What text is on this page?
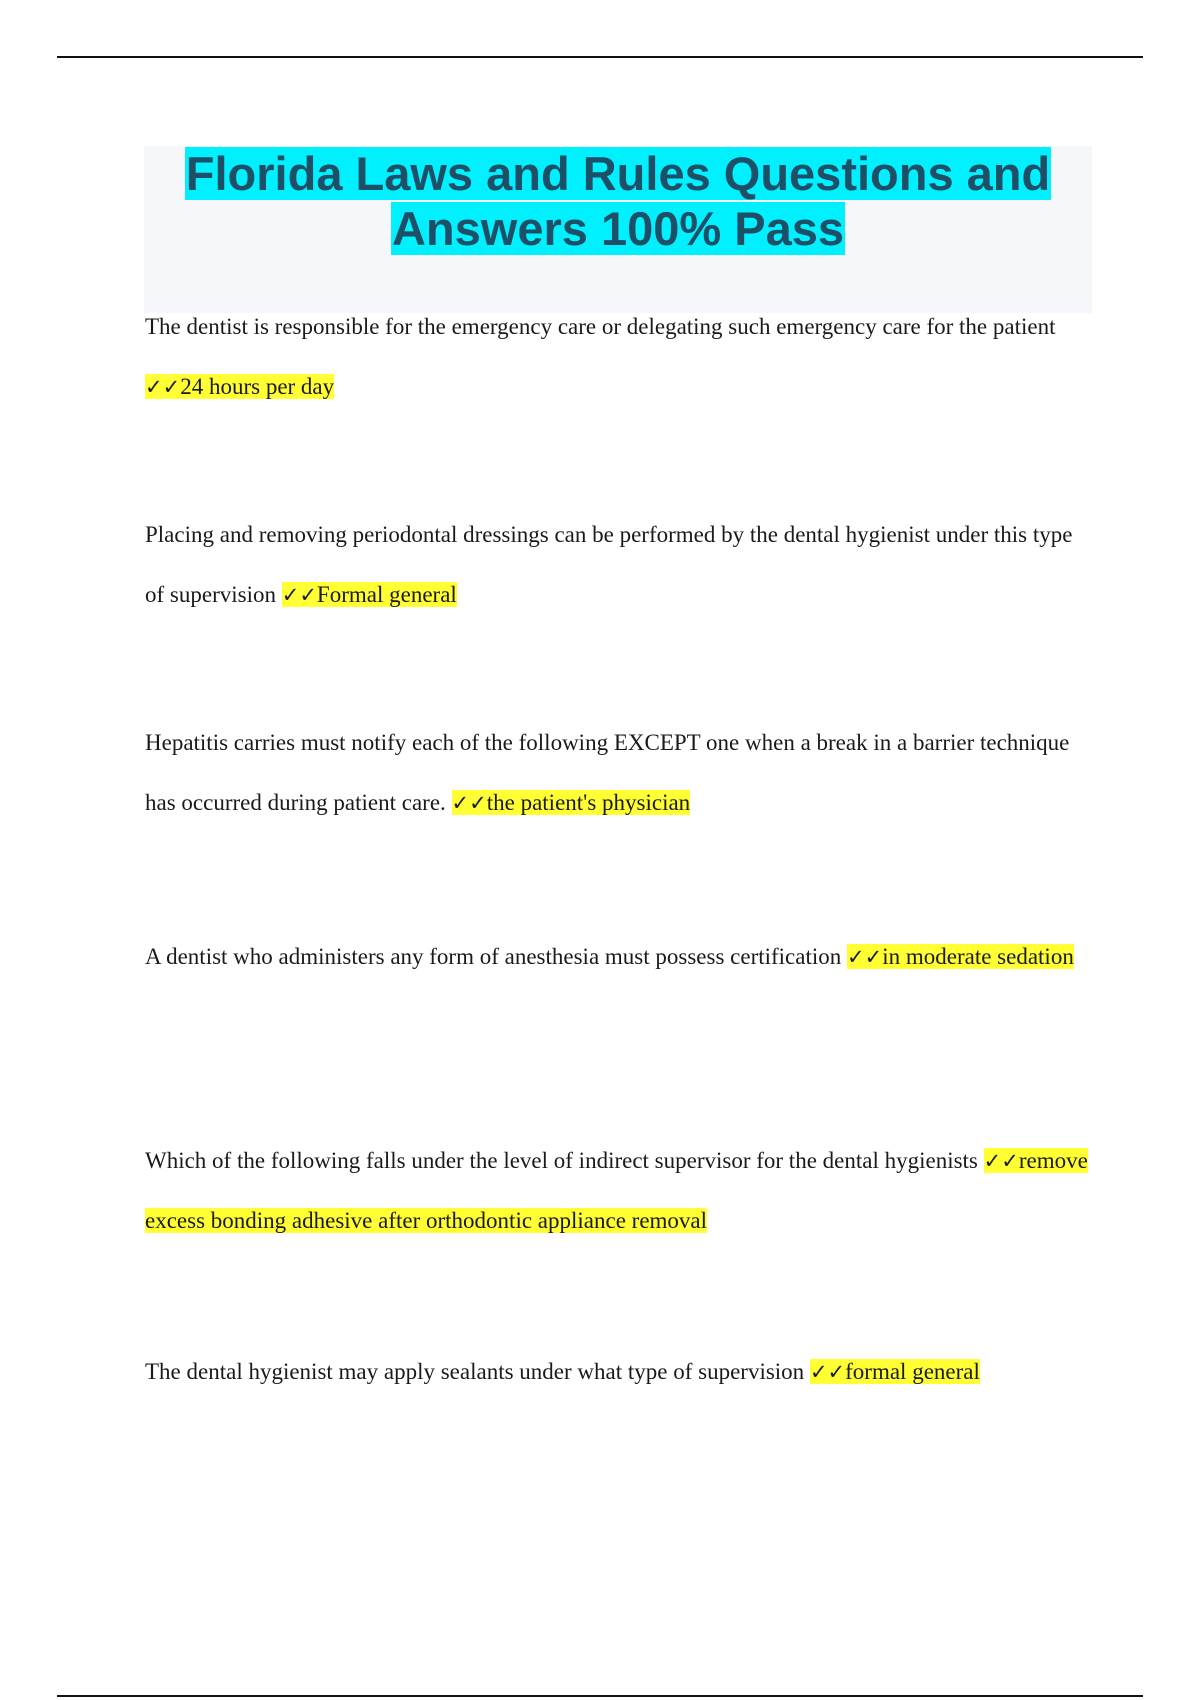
Florida Laws and Rules Questions and
Answers 100% Pass

The dentist is responsible for the emergency care or delegating such emergency care for the patient ✓✓24 hours per day

Placing and removing periodontal dressings can be performed by the dental hygienist under this type of supervision ✓✓Formal general

Hepatitis carries must notify each of the following EXCEPT one when a break in a barrier technique has occurred during patient care. ✓✓the patient's physician

A dentist who administers any form of anesthesia must possess certification ✓✓in moderate sedation

Which of the following falls under the level of indirect supervisor for the dental hygienists ✓✓remove excess bonding adhesive after orthodontic appliance removal

The dental hygienist may apply sealants under what type of supervision ✓✓formal general
